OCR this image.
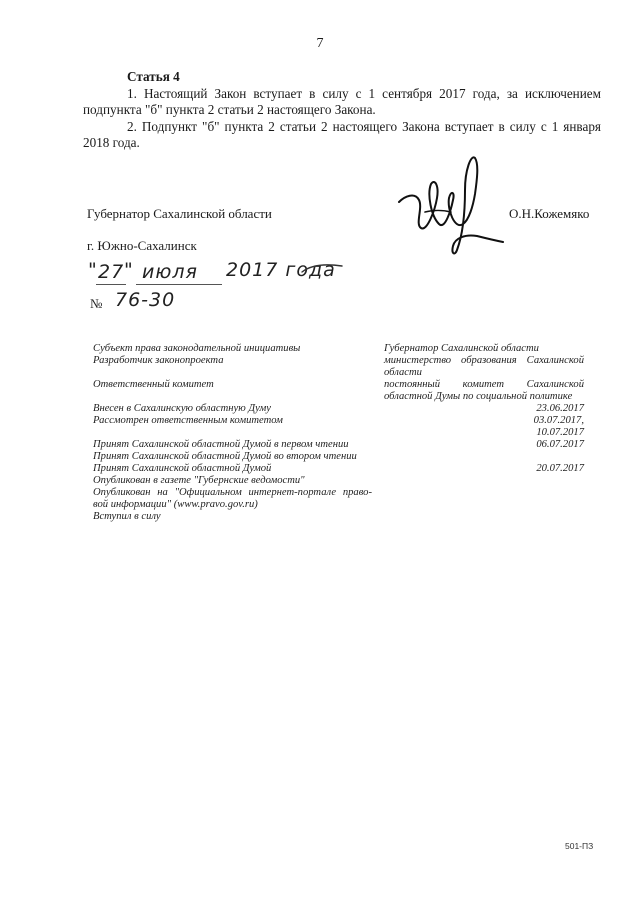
7
Статья 4
1. Настоящий Закон вступает в силу с 1 сентября 2017 года, за исключением подпункта "б" пункта 2 статьи 2 настоящего Закона.
2. Подпункт "б" пункта 2 статьи 2 настоящего Закона вступает в силу с 1 января 2018 года.
Губернатор Сахалинской области	О.Н.Кожемяко
г. Южно-Сахалинск
" 27 " июля 2017 года
№ 76-30
Субъект права законодательной инициативы
Разработчик законопроекта
Ответственный комитет
Внесен в Сахалинскую областную Думу
Рассмотрен ответственным комитетом
Принят Сахалинской областной Думой в первом чтении
Принят Сахалинской областной Думой во втором чтении
Принят Сахалинской областной Думой
Опубликован в газете "Губернские ведомости"
Опубликован на "Официальном интернет-портале право-
вой информации" (www.pravo.gov.ru)
Вступил в силу
Губернатор Сахалинской области
министерство образования Сахалинской
области
постоянный комитет Сахалинской
областной Думы по социальной политике
23.06.2017
03.07.2017,
10.07.2017
06.07.2017
20.07.2017
501-ПЗ
